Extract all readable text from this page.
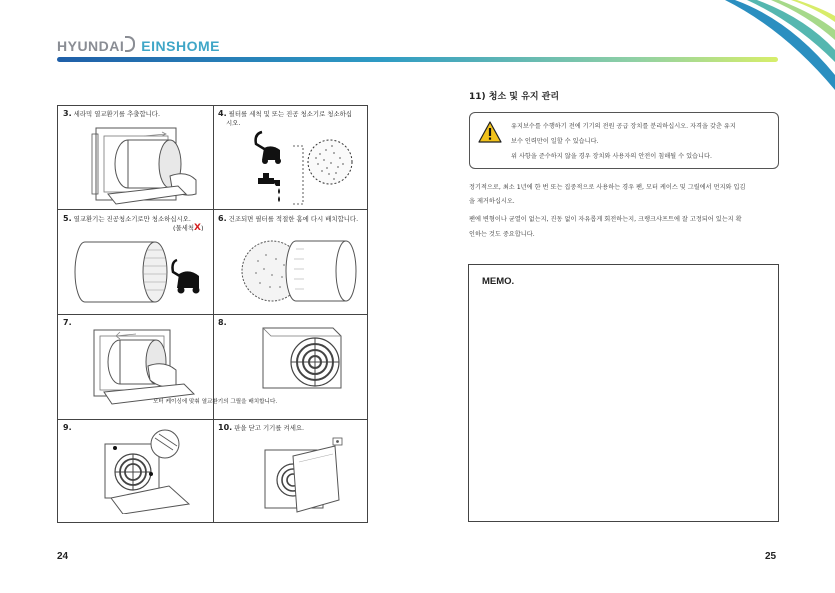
HYUNDAI EINSHOME
3. 세라믹 열교환기를 추출합니다.	4. 필터를 세척 및 또는 진공 청소기로 청소하십
시오.
5. 열교환기는 진공청소기로만 청소하십시오.
(물세척X)
6. 건조되면 필터를 적절한 홈에 다시 배치합니다.
7.	8.
모터 케이싱에 맞춰 열교환기의 그릴을 배치합니다.
9.	10. 판을 닫고 기기를 켜세요.
24
11) 청소 및 유지 관리
유지보수를 수행하기 전에 기기의 전원 공급 장치를 분리하십시오. 자격을 갖춘 유지
보수 인력만이 일할 수 있습니다.
위 사항을 준수하지 않을 경우 장치와 사용자의 안전이 침해될 수 있습니다.
정기적으로, 최소 1년에 한 번 또는 집중적으로 사용하는 경우 팬, 모터 케이스 및 그릴에서 먼지와 입김
을 제거하십시오.
팬에 변형이나 균열이 없는지, 진동 없이 자유롭게 회전하는지, 크랭크샤프트에 잘 고정되어 있는지 확
인하는 것도 중요합니다.
MEMO.
25
